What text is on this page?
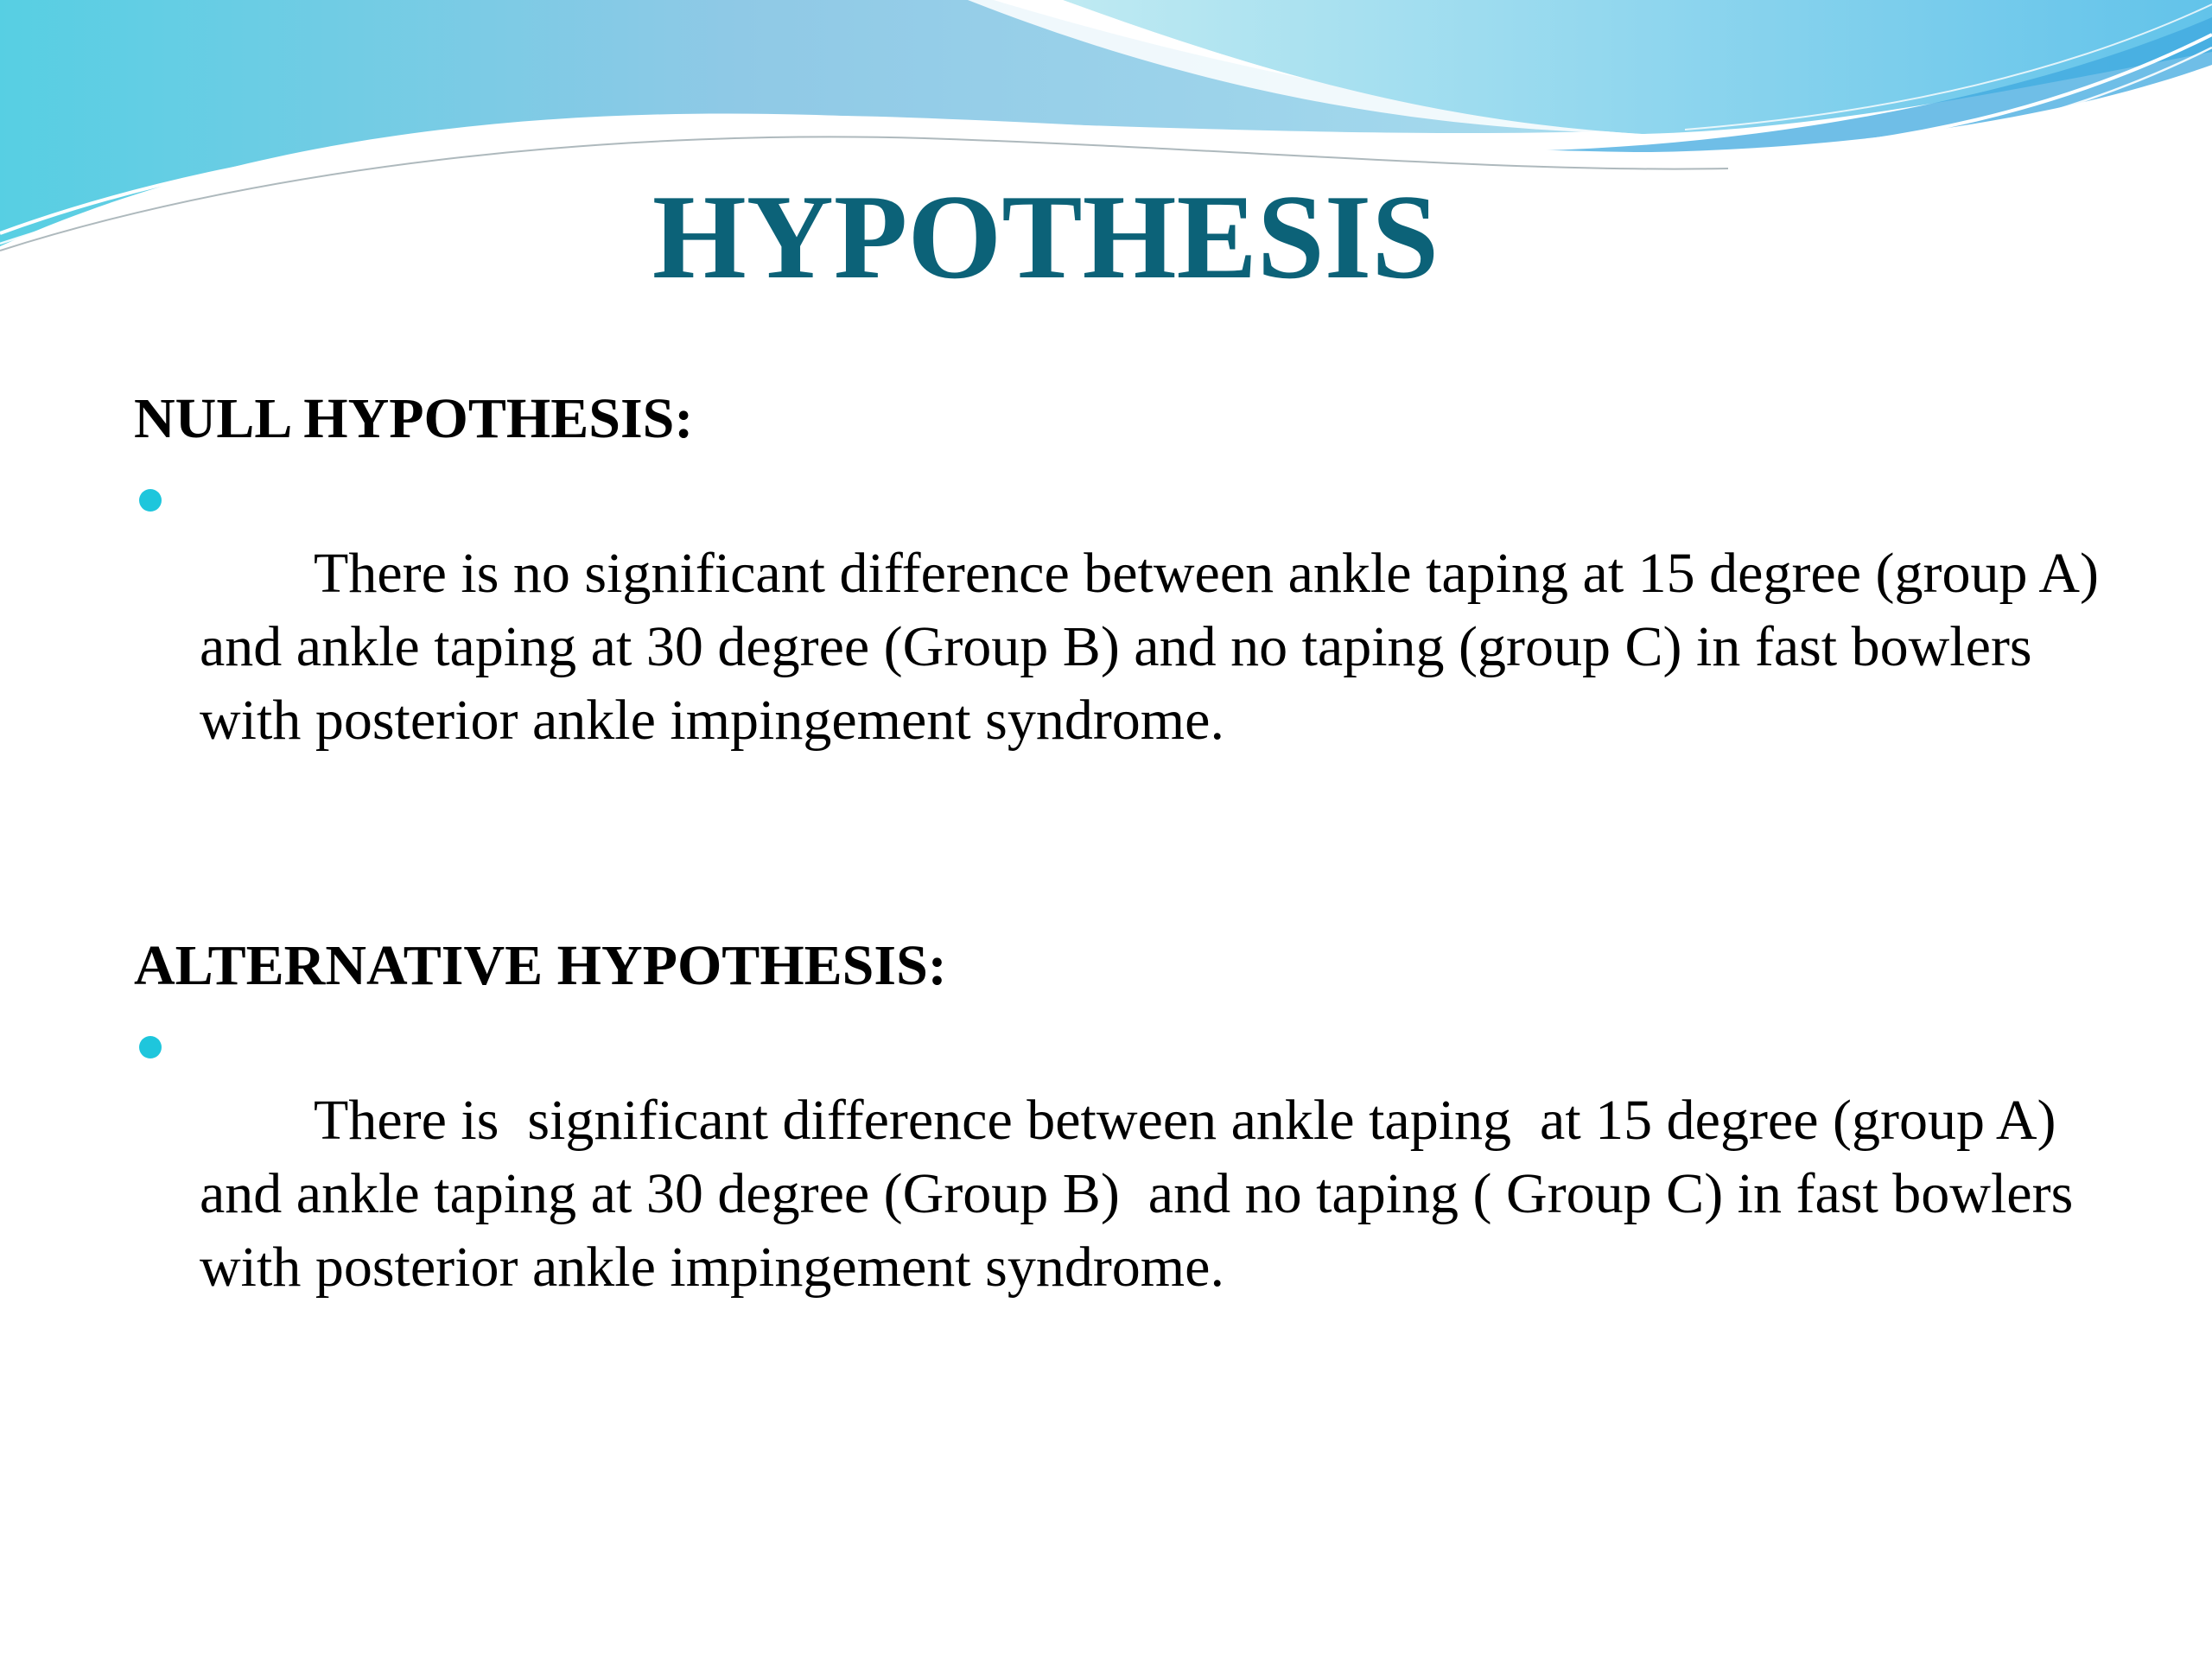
HYPOTHESIS

NULL HYPOTHESIS:

There is no significant difference between ankle taping at 15 degree (group A) and ankle taping at 30 degree (Group B) and no taping (group C) in fast bowlers with posterior ankle impingement syndrome.

ALTERNATIVE HYPOTHESIS:

There is  significant difference between ankle taping  at 15 degree (group A) and ankle taping at 30 degree (Group B)  and no taping ( Group C) in fast bowlers with posterior ankle impingement syndrome.
